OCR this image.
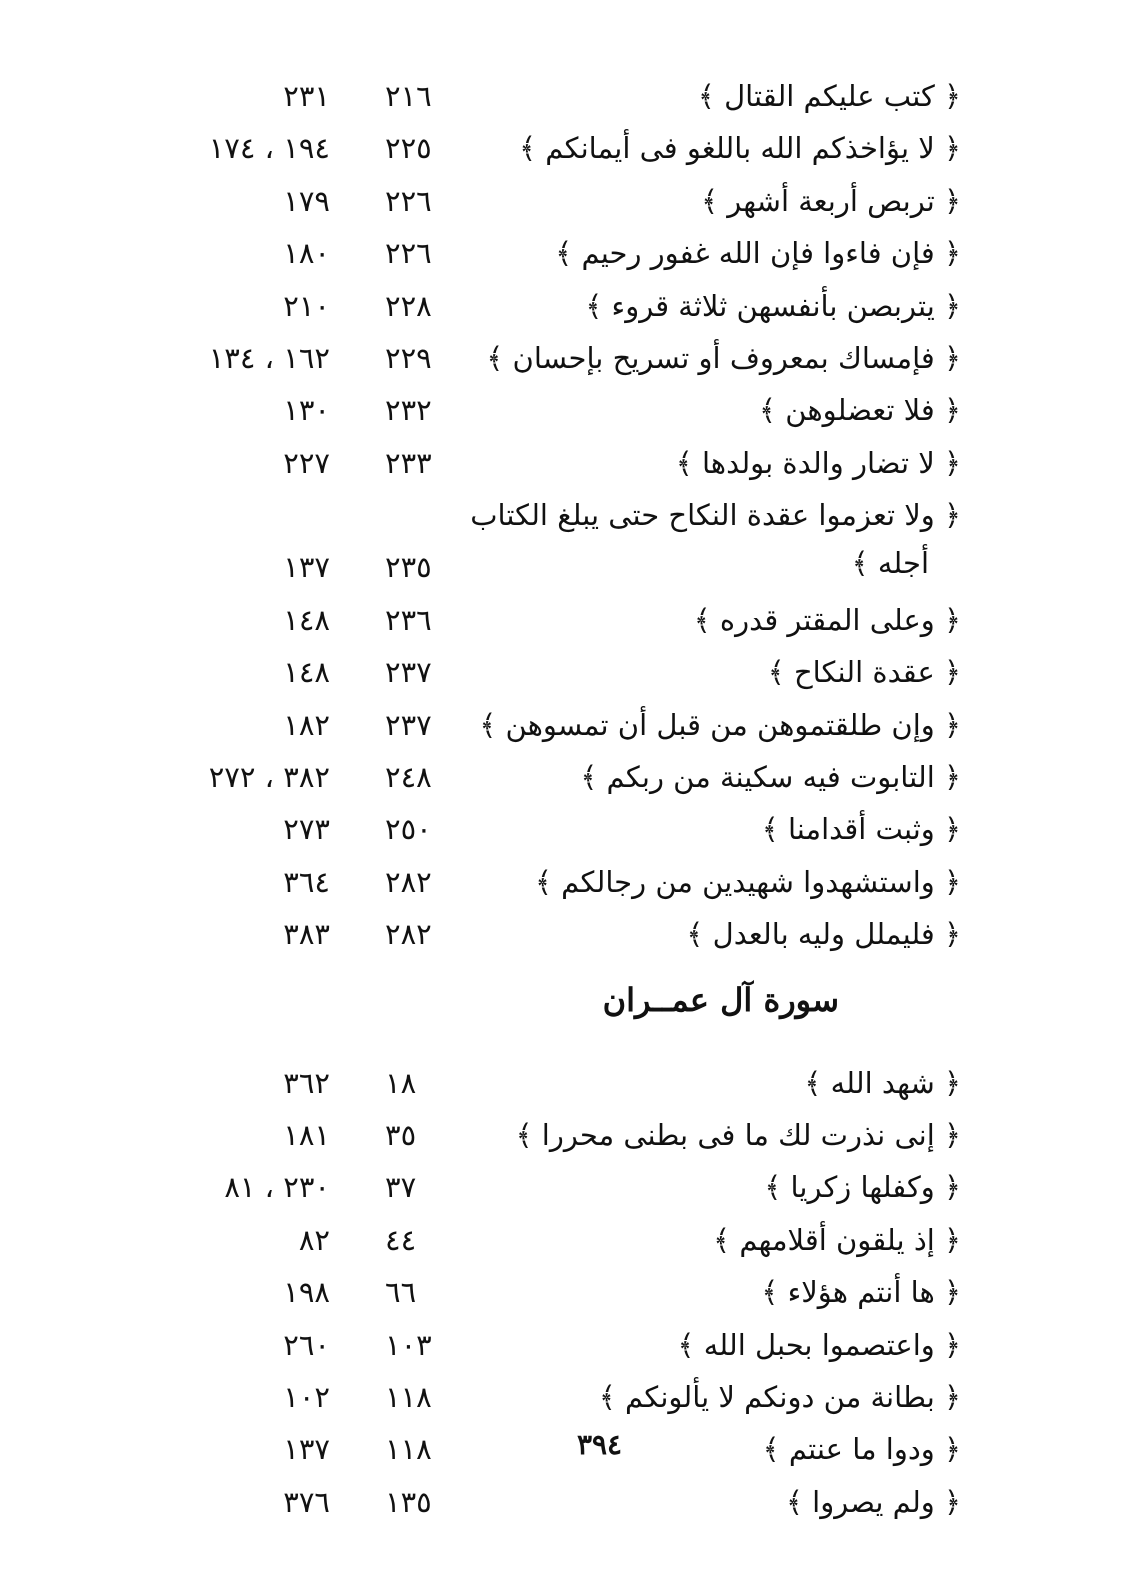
﴿ كتب عليكم القتال ﴾
٢١٦
٢٣١
﴿ لا يؤاخذكم الله باللغو فى أيمانكم ﴾
٢٢٥
١٩٤ ، ١٧٤
﴿ تربص أربعة أشهر ﴾
٢٢٦
١٧٩
﴿ فإن فاءوا فإن الله غفور رحيم ﴾
٢٢٦
١٨٠
﴿ يتربصن بأنفسهن ثلاثة قروء ﴾
٢٢٨
٢١٠
﴿ فإمساك بمعروف أو تسريح بإحسان ﴾
٢٢٩
١٦٢ ، ١٣٤
﴿ فلا تعضلوهن ﴾
٢٣٢
١٣٠
﴿ لا تضار والدة بولدها ﴾
٢٣٣
٢٢٧
﴿ ولا تعزموا عقدة النكاح حتى يبلغ الكتاب
أجله ﴾
٢٣٥
١٣٧
﴿ وعلى المقتر قدره ﴾
٢٣٦
١٤٨
﴿ عقدة النكاح ﴾
٢٣٧
١٤٨
﴿ وإن طلقتموهن من قبل أن تمسوهن ﴾
٢٣٧
١٨٢
﴿ التابوت فيه سكينة من ربكم ﴾
٢٤٨
٣٨٢ ، ٢٧٢
﴿ وثبت أقدامنا ﴾
٢٥٠
٢٧٣
﴿ واستشهدوا شهيدين من رجالكم ﴾
٢٨٢
٣٦٤
﴿ فليملل وليه بالعدل ﴾
٢٨٢
٣٨٣
سورة آل عمــران
﴿ شهد الله ﴾
١٨
٣٦٢
﴿ إنى نذرت لك ما فى بطنى محررا ﴾
٣٥
١٨١
﴿ وكفلها زكريا ﴾
٣٧
٢٣٠ ، ٨١
﴿ إذ يلقون أقلامهم ﴾
٤٤
٨٢
﴿ ها أنتم هؤلاء ﴾
٦٦
١٩٨
﴿ واعتصموا بحبل الله ﴾
١٠٣
٢٦٠
﴿ بطانة من دونكم لا يألونكم ﴾
١١٨
١٠٢
﴿ ودوا ما عنتم ﴾
١١٨
١٣٧
﴿ ولم يصروا ﴾
١٣٥
٣٧٦
٣٩٤
